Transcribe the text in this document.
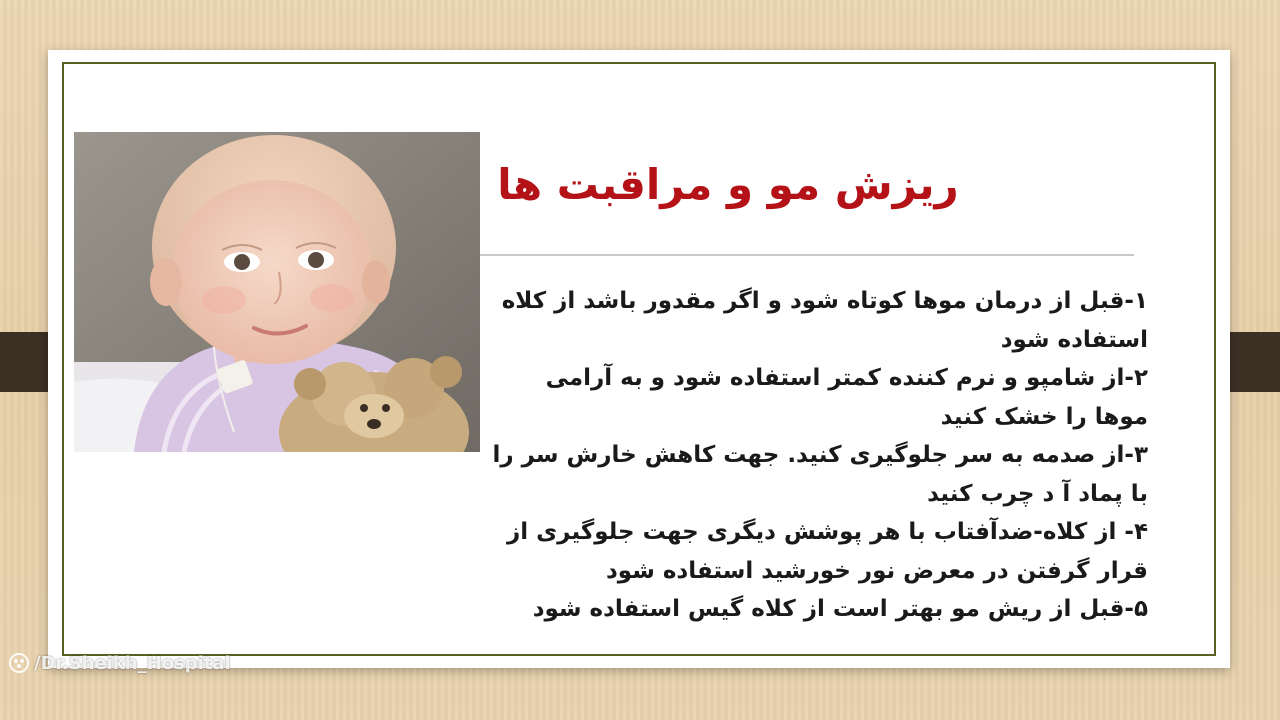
ریزش مو و مراقبت ها

۱-قبل از درمان موها کوتاه شود و اگر مقدور باشد از کلاه استفاده شود

۲-از شامپو و نرم کننده کمتر استفاده شود و به آرامی موها را خشک کنید

۳-از صدمه به سر جلوگیری کنید. جهت کاهش خارش سر را با پماد آ د چرب کنید

۴- از کلاه-ضدآفتاب با هر پوشش دیگری جهت جلوگیری از قرار گرفتن در معرض نور خورشید استفاده شود

۵-قبل از ریش مو بهتر است از کلاه گیس استفاده شود

/Dr.Sheikh_Hospital
